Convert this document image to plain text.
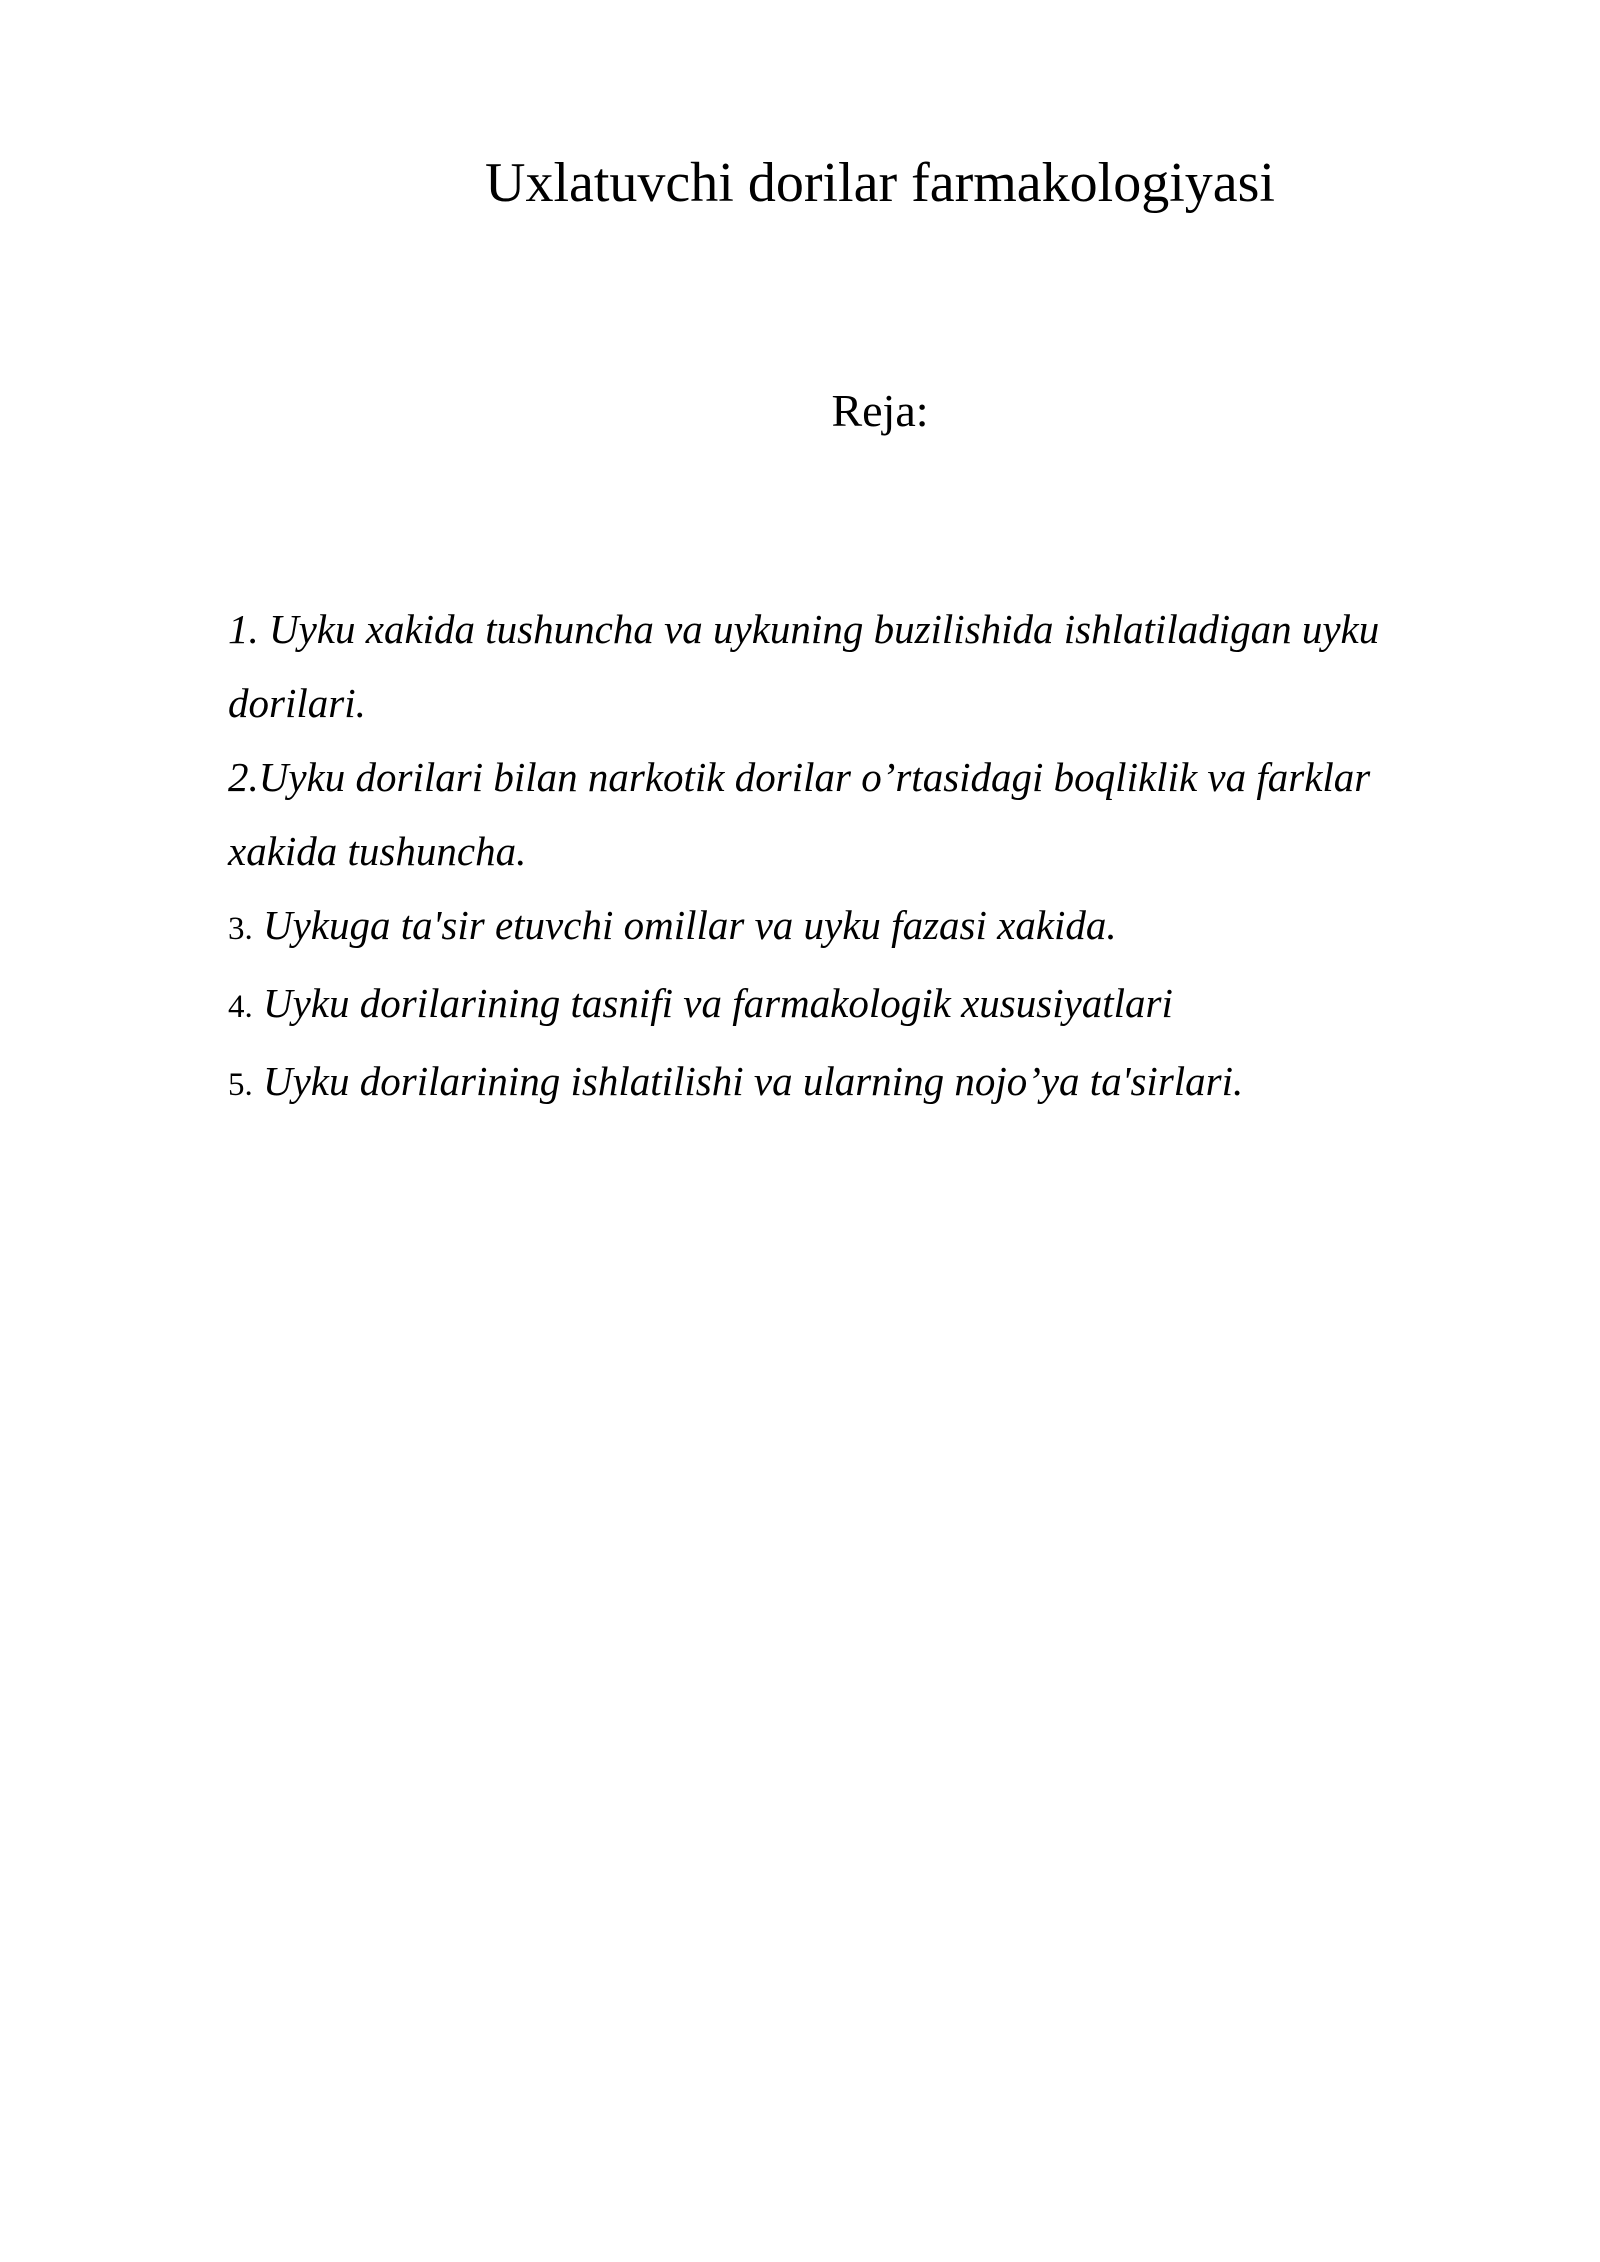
Uxlatuvchi dorilar farmakologiyasi
Reja:
1. Uyku xakida tushuncha va uykuning buzilishida ishlatiladigan uyku dorilari.
2.Uyku dorilari bilan narkotik dorilar o’rtasidagi boqliklik va farklar xakida tushuncha.
3. Uykuga ta'sir etuvchi omillar va uyku fazasi xakida.
4. Uyku dorilarining tasnifi va farmakologik xususiyatlari
5. Uyku dorilarining ishlatilishi va ularning nojo’ya ta'sirlari.
